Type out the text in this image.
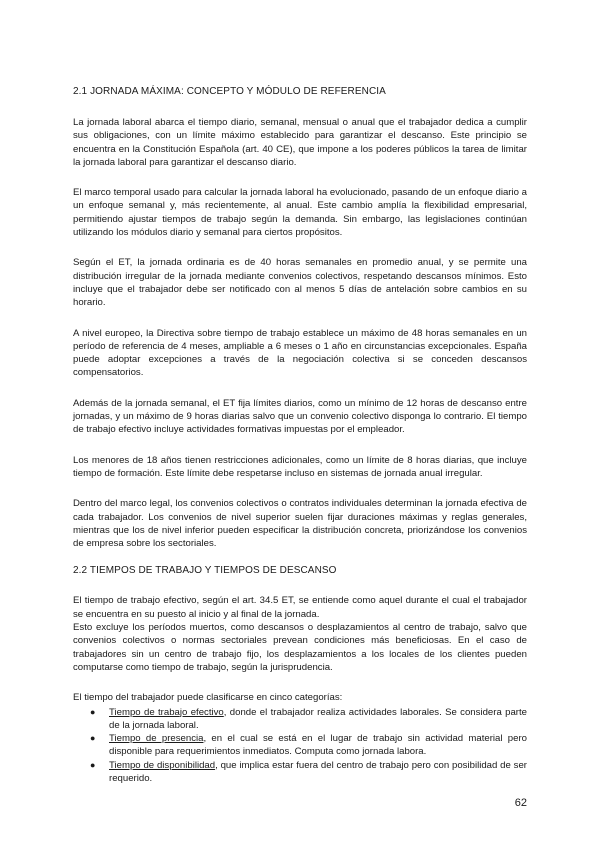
2.1 JORNADA MÁXIMA: CONCEPTO Y MÓDULO DE REFERENCIA

La jornada laboral abarca el tiempo diario, semanal, mensual o anual que el trabajador dedica a cumplir sus obligaciones, con un límite máximo establecido para garantizar el descanso. Este principio se encuentra en la Constitución Española (art. 40 CE), que impone a los poderes públicos la tarea de limitar la jornada laboral para garantizar el descanso diario.

El marco temporal usado para calcular la jornada laboral ha evolucionado, pasando de un enfoque diario a un enfoque semanal y, más recientemente, al anual. Este cambio amplía la flexibilidad empresarial, permitiendo ajustar tiempos de trabajo según la demanda. Sin embargo, las legislaciones continúan utilizando los módulos diario y semanal para ciertos propósitos.

Según el ET, la jornada ordinaria es de 40 horas semanales en promedio anual, y se permite una distribución irregular de la jornada mediante convenios colectivos, respetando descansos mínimos. Esto incluye que el trabajador debe ser notificado con al menos 5 días de antelación sobre cambios en su horario.

A nivel europeo, la Directiva sobre tiempo de trabajo establece un máximo de 48 horas semanales en un período de referencia de 4 meses, ampliable a 6 meses o 1 año en circunstancias excepcionales. España puede adoptar excepciones a través de la negociación colectiva si se conceden descansos compensatorios.

Además de la jornada semanal, el ET fija límites diarios, como un mínimo de 12 horas de descanso entre jornadas, y un máximo de 9 horas diarias salvo que un convenio colectivo disponga lo contrario. El tiempo de trabajo efectivo incluye actividades formativas impuestas por el empleador.

Los menores de 18 años tienen restricciones adicionales, como un límite de 8 horas diarias, que incluye tiempo de formación. Este límite debe respetarse incluso en sistemas de jornada anual irregular.

Dentro del marco legal, los convenios colectivos o contratos individuales determinan la jornada efectiva de cada trabajador. Los convenios de nivel superior suelen fijar duraciones máximas y reglas generales, mientras que los de nivel inferior pueden especificar la distribución concreta, priorizándose los convenios de empresa sobre los sectoriales.

2.2 TIEMPOS DE TRABAJO Y TIEMPOS DE DESCANSO

El tiempo de trabajo efectivo, según el art. 34.5 ET, se entiende como aquel durante el cual el trabajador se encuentra en su puesto al inicio y al final de la jornada.

Esto excluye los períodos muertos, como descansos o desplazamientos al centro de trabajo, salvo que convenios colectivos o normas sectoriales prevean condiciones más beneficiosas. En el caso de trabajadores sin un centro de trabajo fijo, los desplazamientos a los locales de los clientes pueden computarse como tiempo de trabajo, según la jurisprudencia.

El tiempo del trabajador puede clasificarse en cinco categorías:

● Tiempo de trabajo efectivo, donde el trabajador realiza actividades laborales. Se considera parte de la jornada laboral.
● Tiempo de presencia, en el cual se está en el lugar de trabajo sin actividad material pero disponible para requerimientos inmediatos. Computa como jornada labora.
● Tiempo de disponibilidad, que implica estar fuera del centro de trabajo pero con posibilidad de ser requerido.
62
